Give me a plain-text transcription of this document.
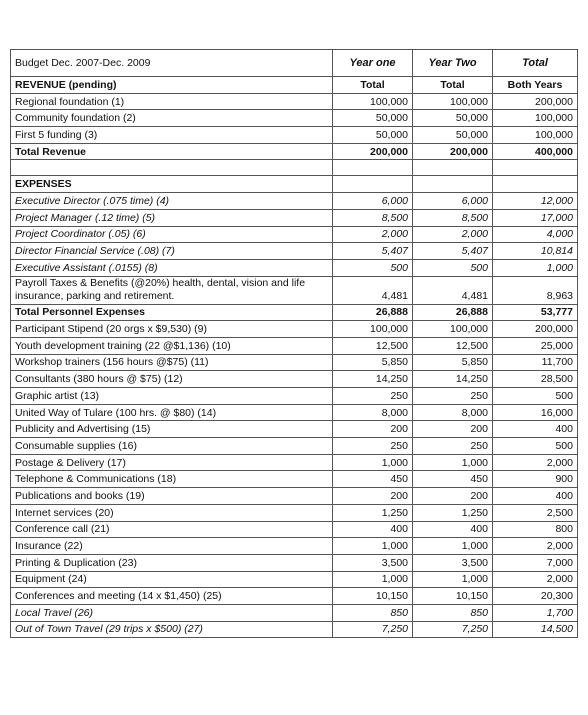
Budget Dec. 2007-Dec. 2009	Year one	Year Two	Total
REVENUE (pending)	Total	Total	Both Years
Regional foundation (1)	100,000	100,000	200,000
Community foundation (2)	50,000	50,000	100,000
First 5 funding (3)	50,000	50,000	100,000
Total Revenue	200,000	200,000	400,000

EXPENSES			
Executive Director (.075 time) (4)	6,000	6,000	12,000
Project Manager (.12 time) (5)	8,500	8,500	17,000
Project Coordinator (.05) (6)	2,000	2,000	4,000
Director Financial Service (.08) (7)	5,407	5,407	10,814
Executive Assistant (.0155) (8)	500	500	1,000
Payroll Taxes & Benefits (@20%) health, dental, vision and life insurance, parking and retirement.	4,481	4,481	8,963
Total Personnel Expenses	26,888	26,888	53,777
Participant Stipend (20 orgs x $9,530) (9)	100,000	100,000	200,000
Youth development training (22 @$1,136) (10)	12,500	12,500	25,000
Workshop trainers (156 hours @$75) (11)	5,850	5,850	11,700
Consultants (380 hours @ $75) (12)	14,250	14,250	28,500
Graphic artist (13)	250	250	500
United Way of Tulare (100 hrs. @ $80) (14)	8,000	8,000	16,000
Publicity and Advertising (15)	200	200	400
Consumable supplies (16)	250	250	500
Postage & Delivery (17)	1,000	1,000	2,000
Telephone & Communications (18)	450	450	900
Publications and books (19)	200	200	400
Internet services (20)	1,250	1,250	2,500
Conference call (21)	400	400	800
Insurance (22)	1,000	1,000	2,000
Printing & Duplication (23)	3,500	3,500	7,000
Equipment (24)	1,000	1,000	2,000
Conferences and meeting (14 x $1,450) (25)	10,150	10,150	20,300
Local Travel (26)	850	850	1,700
Out of Town Travel (29 trips x $500) (27)	7,250	7,250	14,500
